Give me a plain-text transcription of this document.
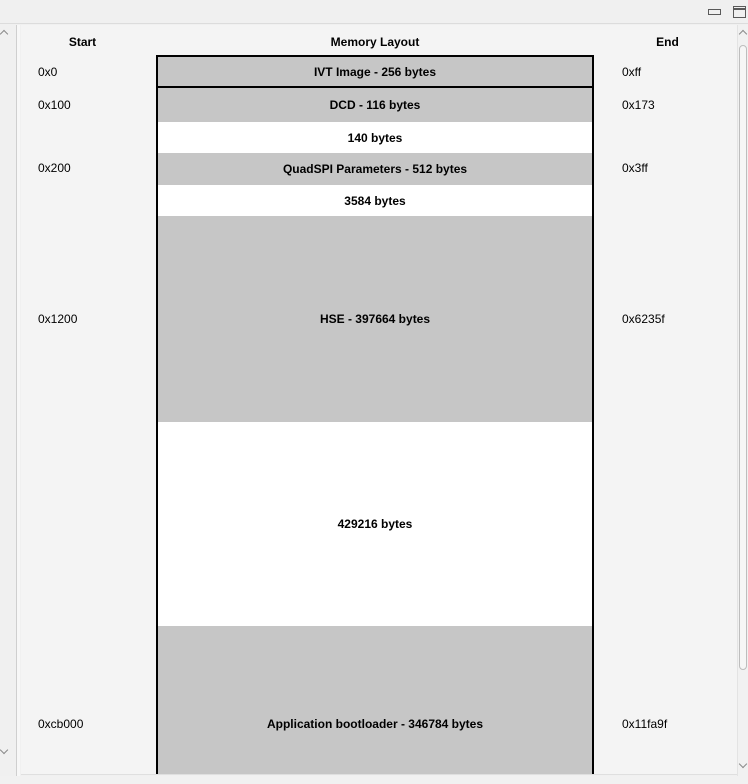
Start	Memory Layout	End
0x0
0x100
0x200
0x1200
0xcb000
IVT Image - 256 bytes
DCD - 116 bytes
140 bytes
QuadSPI Parameters - 512 bytes
3584 bytes
HSE - 397664 bytes
429216 bytes
Application bootloader - 346784 bytes
0xff
0x173
0x3ff
0x6235f
0x11fa9f
